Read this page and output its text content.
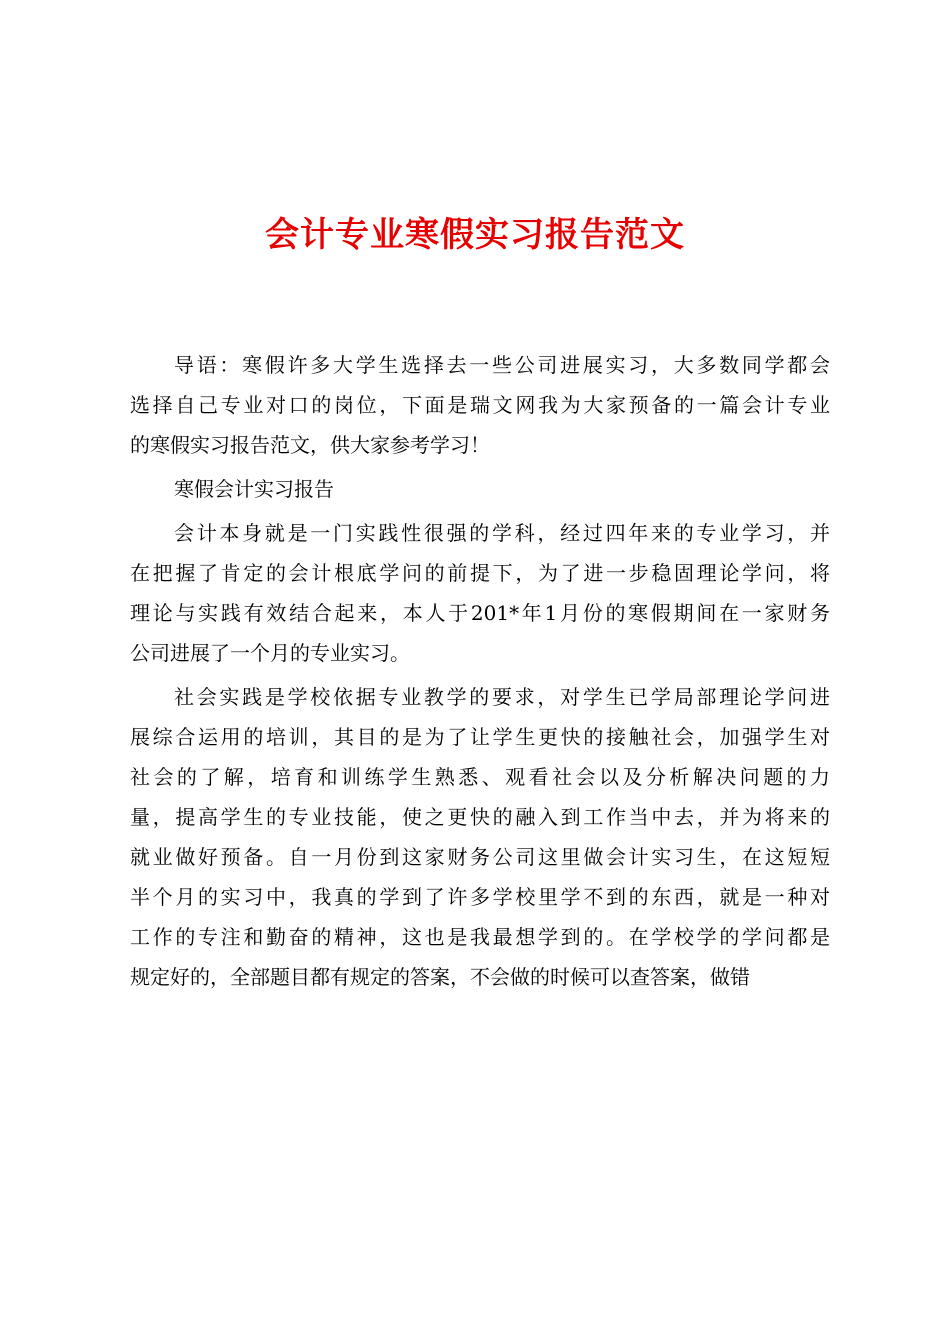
会计专业寒假实习报告范文
导语：寒假许多大学生选择去一些公司进展实习，大多数同学都会
选择自己专业对口的岗位，下面是瑞文网我为大家预备的一篇会计专业
的寒假实习报告范文，供大家参考学习！
寒假会计实习报告
会计本身就是一门实践性很强的学科，经过四年来的专业学习，并
在把握了肯定的会计根底学问的前提下，为了进一步稳固理论学问，将
理论与实践有效结合起来，本人于201*年1月份的寒假期间在一家财务
公司进展了一个月的专业实习。
社会实践是学校依据专业教学的要求，对学生已学局部理论学问进
展综合运用的培训，其目的是为了让学生更快的接触社会，加强学生对
社会的了解，培育和训练学生熟悉、观看社会以及分析解决问题的力
量，提高学生的专业技能，使之更快的融入到工作当中去，并为将来的
就业做好预备。自一月份到这家财务公司这里做会计实习生，在这短短
半个月的实习中，我真的学到了许多学校里学不到的东西，就是一种对
工作的专注和勤奋的精神，这也是我最想学到的。在学校学的学问都是
规定好的，全部题目都有规定的答案，不会做的时候可以查答案，做错
